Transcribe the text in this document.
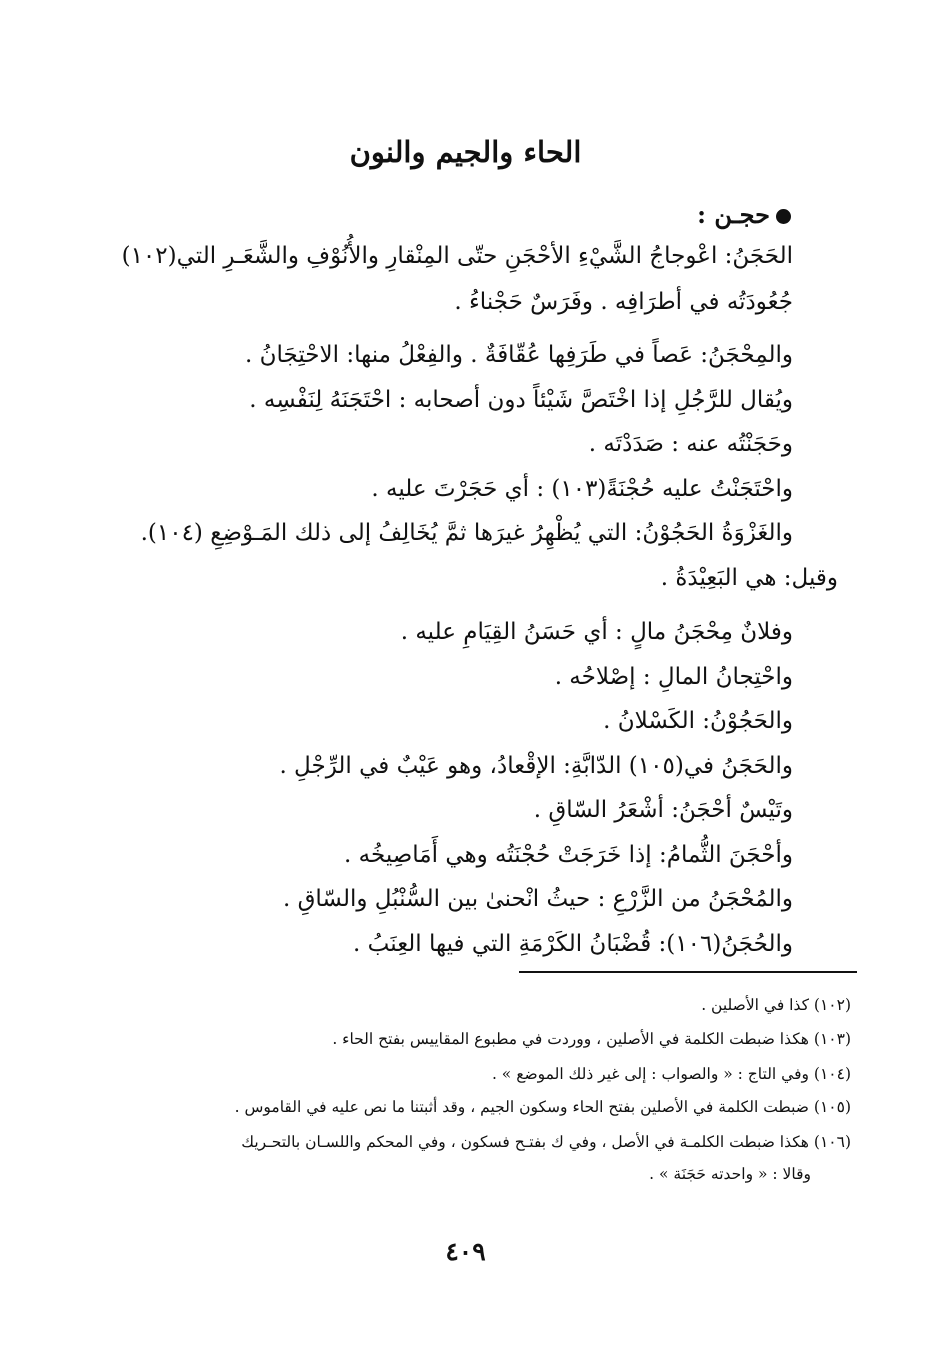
الحاء والجيم والنون
حجـن :
الحَجَنُ: اعْوجاجُ الشَّيْءِ الأحْجَنِ حتّى المِنْقارِ والأُنُوْفِ والشَّعَـرِ التي(١٠٢)
جُعُودَتُه في أطرَافِه . وفَرَسٌ حَجْناءُ .
والمِحْجَنُ: عَصاً في طَرَفِها عُقّافَةٌ . والفِعْلُ منها: الاحْتِجَانُ .
ويُقال للرَّجُلِ إذا اخْتَصَّ شَيْئاً دون أصحابه : احْتَجَنَهُ لِنَفْسِه .
وحَجَنْتُه عنه : صَدَدْتَه .
واحْتَجَنْتُ عليه حُجْنَةً(١٠٣) : أي حَجَرْتَ عليه .
والغَزْوَةُ الحَجُوْنُ: التي يُظْهِرُ غيرَها ثمَّ يُخَالِفُ إلى ذلك المَـوْضِعِ (١٠٤).
وقيل: هي البَعِيْدَةُ .
وفلانٌ مِحْجَنُ مالٍ : أي حَسَنُ القِيَامِ عليه .
واحْتِجانُ المالِ : إصْلاحُه .
والحَجُوْنُ: الكَسْلانُ .
والحَجَنُ في(١٠٥) الدّابَّةِ: الإقْعادُ، وهو عَيْبٌ في الرِّجْلِ .
وتَيْسٌ أحْجَنُ: أشْعَرُ السّاقِ .
وأحْجَنَ الثُّمامُ: إذا خَرَجَتْ حُجْنَتُه وهي أَمَاصِيخُه .
والمُحْجَنُ من الزَّرْعِ : حيثُ انْحنىٰ بين السُّنْبُلِ والسّاقِ .
والحُجَنُ(١٠٦): قُضْبَانُ الكَرْمَةِ التي فيها العِنَبُ .
(١٠٢) كذا في الأصلين .
(١٠٣) هكذا ضبطت الكلمة في الأصلين ، ووردت في مطبوع المقاييس بفتح الحاء .
(١٠٤) وفي التاج : « والصواب : إلى غير ذلك الموضع » .
(١٠٥) ضبطت الكلمة في الأصلين بفتح الحاء وسكون الجيم ، وقد أثبتنا ما نص عليه في القاموس .
(١٠٦) هكذا ضبطت الكلمـة في الأصل ، وفي ك بفتـح فسكون ، وفي المحكم واللسـان بالتحـريك
وقالا : « واحدته حَجَنَة » .
٤٠٩
